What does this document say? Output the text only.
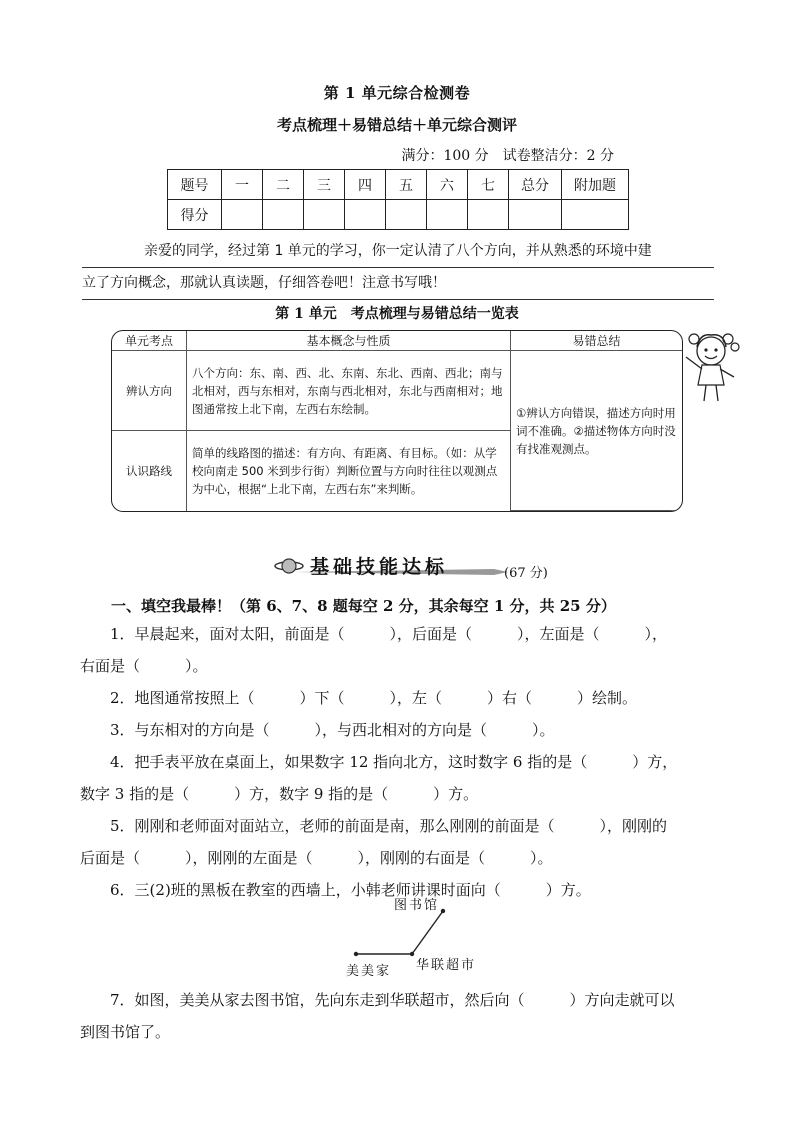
第 1 单元综合检测卷
考点梳理＋易错总结＋单元综合测评
满分：100 分　试卷整洁分：2 分
题号	一	二	三	四	五	六	七	总分	附加题
得分									
亲爱的同学，经过第 1 单元的学习，你一定认清了八个方向，并从熟悉的环境中建
立了方向概念，那就认真读题，仔细答卷吧！注意书写哦！
第 1 单元　考点梳理与易错总结一览表
单元考点	基本概念与性质	易错总结
辨认方向	八个方向：东、南、西、北、东南、东北、西南、西北；南与北相对，西与东相对，东南与西北相对，东北与西南相对；地图通常按上北下南，左西右东绘制。	①辨认方向错误，描述方向时用词不准确。②描述物体方向时没有找准观测点。
认识路线	简单的线路图的描述：有方向、有距离、有目标。（如：从学校向南走 500 米到步行街）判断位置与方向时往往以观测点为中心，根据“上北下南，左西右东”来判断。	
基础技能达标	(67 分)
一、填空我最棒！（第 6、7、8 题每空 2 分，其余每空 1 分，共 25 分）
1．早晨起来，面对太阳，前面是（　　　），后面是（　　　），左面是（　　　），
右面是（　　　）。
2．地图通常按照上（　　　）下（　　　），左（　　　）右（　　　）绘制。
3．与东相对的方向是（　　　），与西北相对的方向是（　　　）。
4．把手表平放在桌面上，如果数字 12 指向北方，这时数字 6 指的是（　　　）方，
数字 3 指的是（　　　）方，数字 9 指的是（　　　）方。
5．刚刚和老师面对面站立，老师的前面是南，那么刚刚的前面是（　　　），刚刚的
后面是（　　　），刚刚的左面是（　　　），刚刚的右面是（　　　）。
6．三(2)班的黑板在教室的西墙上，小韩老师讲课时面向（　　　）方。
图书馆
美美家 华联超市
7．如图，美美从家去图书馆，先向东走到华联超市，然后向（　　　）方向走就可以
到图书馆了。
